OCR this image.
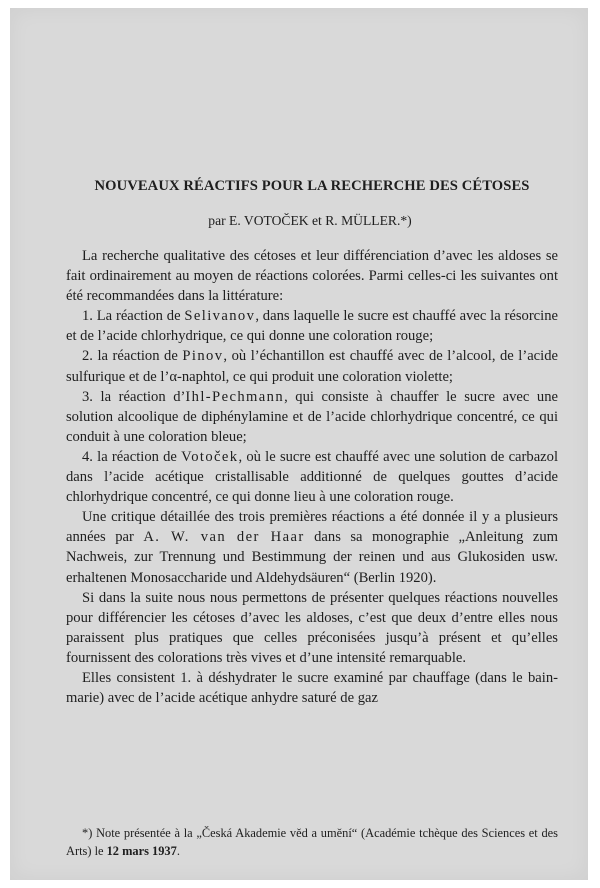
NOUVEAUX RÉACTIFS POUR LA RECHERCHE DES CÉTOSES
par E. VOTOČEK et R. MÜLLER.*)

La recherche qualitative des cétoses et leur différenciation d’avec les aldoses se fait ordinairement au moyen de réactions colorées. Parmi celles-ci les suivantes ont été recommandées dans la littérature:

1. La réaction de Selivanov, dans laquelle le sucre est chauffé avec la résorcine et de l’acide chlorhydrique, ce qui donne une coloration rouge;

2. la réaction de Pinov, où l’échantillon est chauffé avec de l’alcool, de l’acide sulfurique et de l’α-naphtol, ce qui produit une coloration violette;

3. la réaction d’Ihl-Pechmann, qui consiste à chauffer le sucre avec une solution alcoolique de diphénylamine et de l’acide chlorhydrique concentré, ce qui conduit à une coloration bleue;

4. la réaction de Votoček, où le sucre est chauffé avec une solution de carbazol dans l’acide acétique cristallisable additionné de quelques gouttes d’acide chlorhydrique concentré, ce qui donne lieu à une coloration rouge.

Une critique détaillée des trois premières réactions a été donnée il y a plusieurs années par A. W. van der Haar dans sa monographie „Anleitung zum Nachweis, zur Trennung und Bestimmung der reinen und aus Glukosiden usw. erhaltenen Monosaccharide und Aldehydsäuren“ (Berlin 1920).

Si dans la suite nous nous permettons de présenter quelques réactions nouvelles pour différencier les cétoses d’avec les aldoses, c’est que deux d’entre elles nous paraissent plus pratiques que celles préconisées jusqu’à présent et qu’elles fournissent des colorations très vives et d’une intensité remarquable.

Elles consistent 1. à déshydrater le sucre examiné par chauffage (dans le bain-marie) avec de l’acide acétique anhydre saturé de gaz

*) Note présentée à la „Česká Akademie věd a umění“ (Académie tchèque des Sciences et des Arts) le 12 mars 1937.
